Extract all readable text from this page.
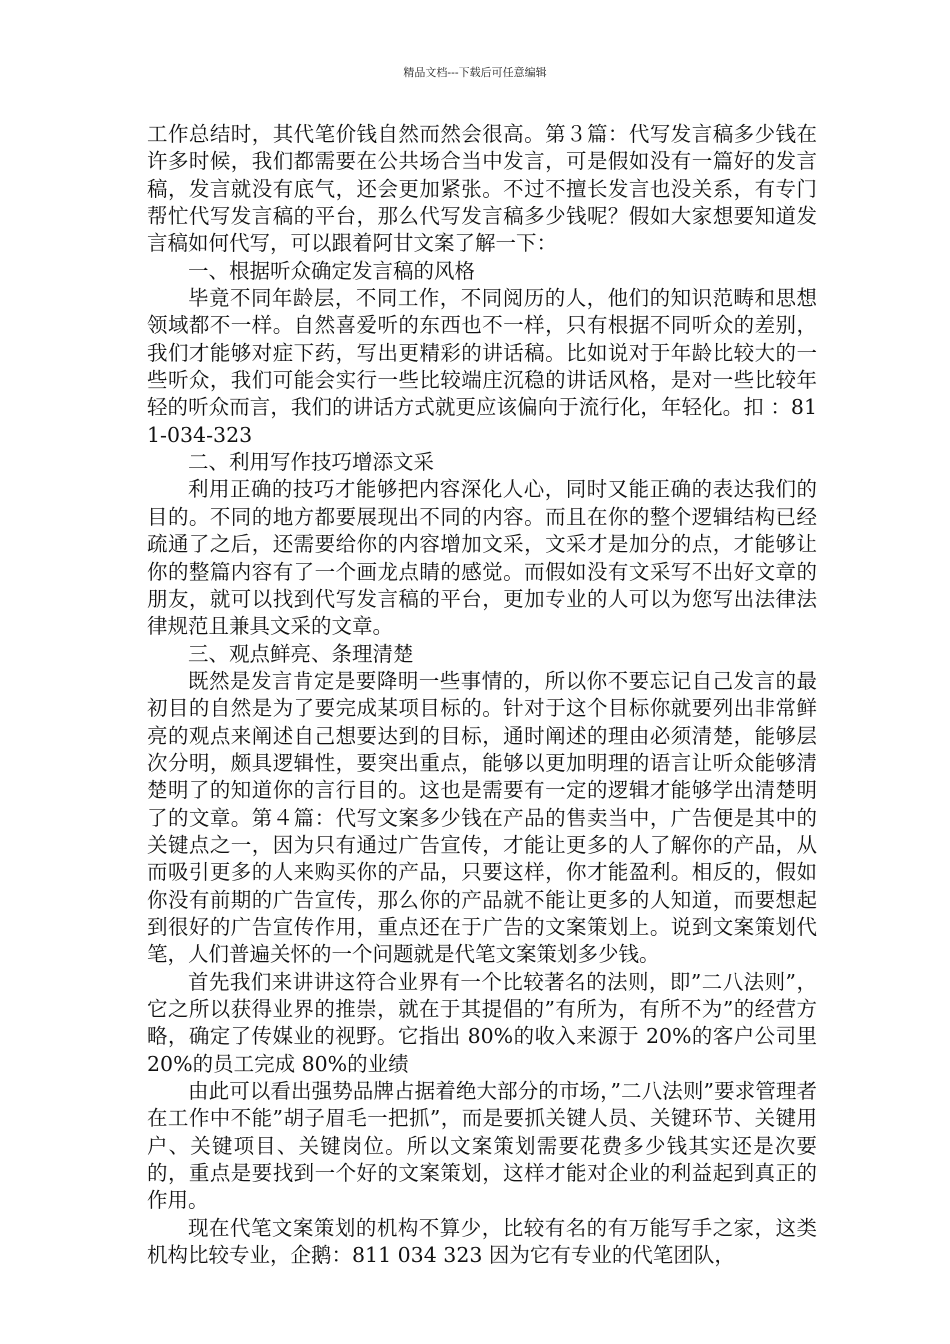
精品文档---下载后可任意编辑

工作总结时，其代笔价钱自然而然会很高。第３篇：代写发言稿多少钱在许多时候，我们都需要在公共场合当中发言，可是假如没有一篇好的发言稿，发言就没有底气，还会更加紧张。不过不擅长发言也没关系，有专门帮忙代写发言稿的平台，那么代写发言稿多少钱呢？假如大家想要知道发言稿如何代写，可以跟着阿甘文案了解一下：

一、根据听众确定发言稿的风格

毕竟不同年龄层，不同工作，不同阅历的人，他们的知识范畴和思想领域都不一样。自然喜爱听的东西也不一样，只有根据不同听众的差别，我们才能够对症下药，写出更精彩的讲话稿。比如说对于年龄比较大的一些听众，我们可能会实行一些比较端庄沉稳的讲话风格，是对一些比较年轻的听众而言，我们的讲话方式就更应该偏向于流行化，年轻化。扣 ：811-034-323

二、利用写作技巧增添文采

利用正确的技巧才能够把内容深化人心，同时又能正确的表达我们的目的。不同的地方都要展现出不同的内容。而且在你的整个逻辑结构已经疏通了之后，还需要给你的内容增加文采，文采才是加分的点，才能够让你的整篇内容有了一个画龙点睛的感觉。而假如没有文采写不出好文章的朋友，就可以找到代写发言稿的平台，更加专业的人可以为您写出法律法律规范且兼具文采的文章。

三、观点鲜亮、条理清楚

既然是发言肯定是要降明一些事情的，所以你不要忘记自己发言的最初目的自然是为了要完成某项目标的。针对于这个目标你就要列出非常鲜亮的观点来阐述自己想要达到的目标，通时阐述的理由必须清楚，能够层次分明，颇具逻辑性，要突出重点，能够以更加明理的语言让听众能够清楚明了的知道你的言行目的。这也是需要有一定的逻辑才能够学出清楚明了的文章。第４篇：代写文案多少钱在产品的售卖当中，广告便是其中的关键点之一，因为只有通过广告宣传，才能让更多的人了解你的产品，从而吸引更多的人来购买你的产品，只要这样，你才能盈利。相反的，假如你没有前期的广告宣传，那么你的产品就不能让更多的人知道，而要想起到很好的广告宣传作用，重点还在于广告的文案策划上。说到文案策划代笔，人们普遍关怀的一个问题就是代笔文案策划多少钱。

首先我们来讲讲这符合业界有一个比较著名的法则，即”二八法则”，它之所以获得业界的推崇，就在于其提倡的”有所为，有所不为”的经营方略，确定了传媒业的视野。它指出 80%的收入来源于 20%的客户公司里 20%的员工完成 80%的业绩

由此可以看出强势品牌占据着绝大部分的市场，”二八法则”要求管理者在工作中不能”胡子眉毛一把抓”，而是要抓关键人员、关键环节、关键用户、关键项目、关键岗位。所以文案策划需要花费多少钱其实还是次要的，重点是要找到一个好的文案策划，这样才能对企业的利益起到真正的作用。

现在代笔文案策划的机构不算少，比较有名的有万能写手之家，这类机构比较专业，企鹅：811 034 323 因为它有专业的代笔团队，
